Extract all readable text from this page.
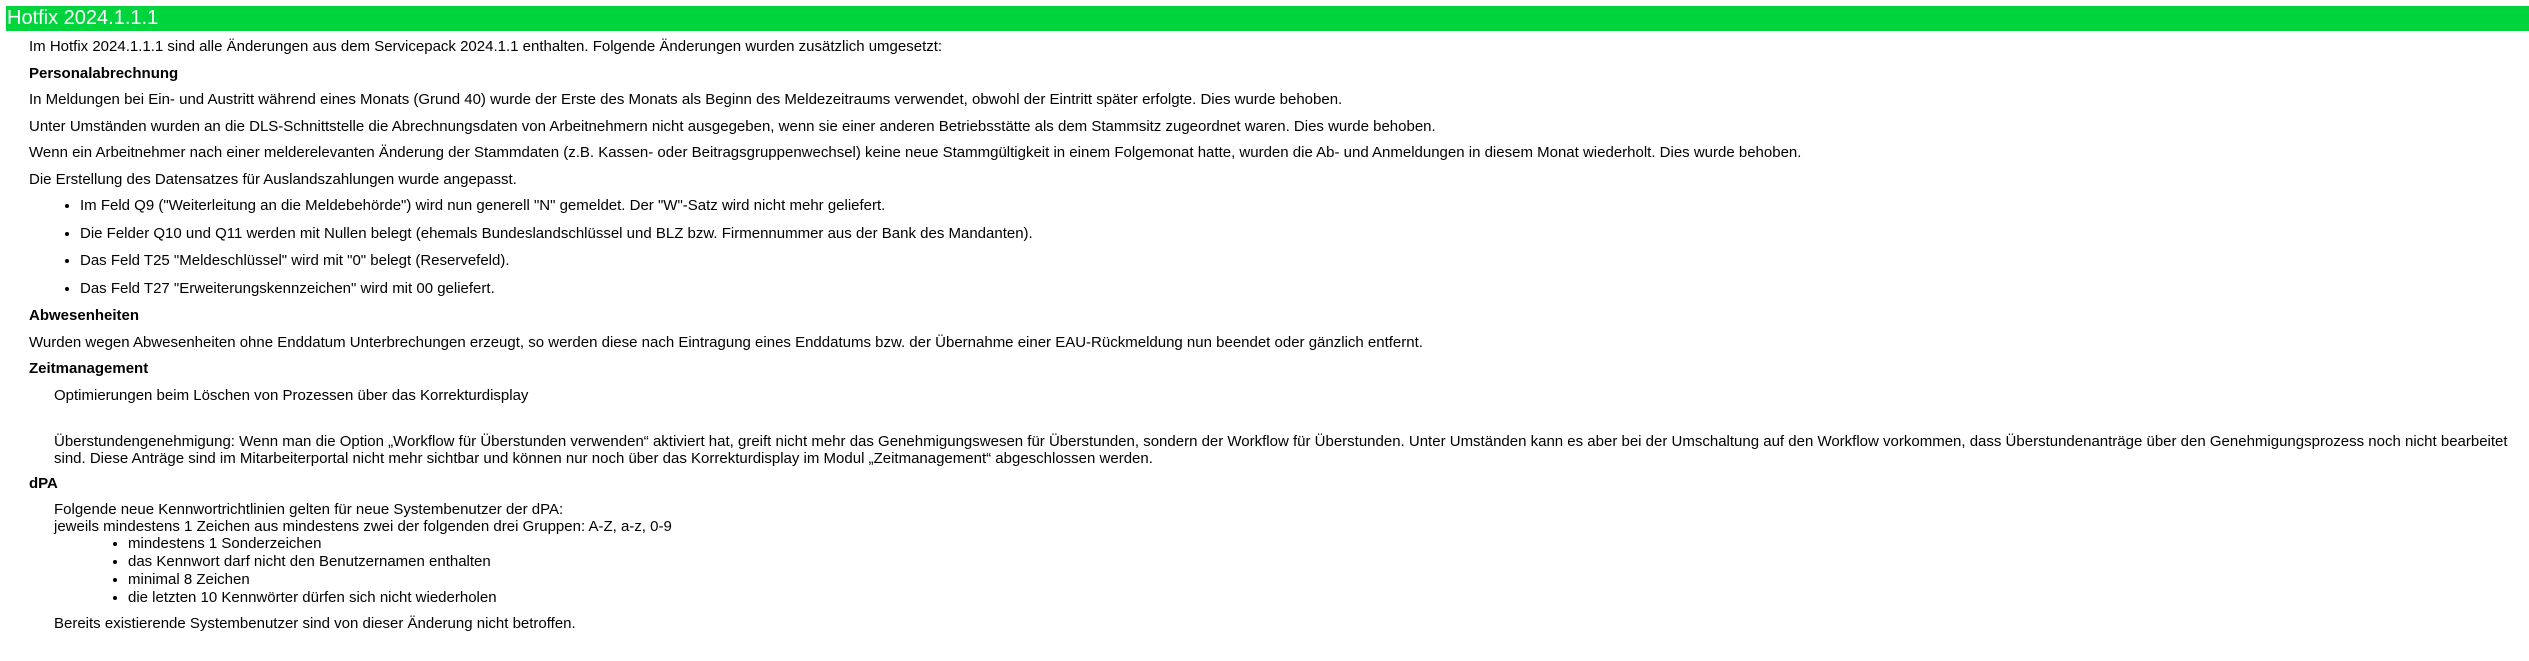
Hotfix 2024.1.1.1
Im Hotfix 2024.1.1.1 sind alle Änderungen aus dem Servicepack 2024.1.1 enthalten. Folgende Änderungen wurden zusätzlich umgesetzt:
Personalabrechnung
In Meldungen bei Ein- und Austritt während eines Monats (Grund 40) wurde der Erste des Monats als Beginn des Meldezeitraums verwendet, obwohl der Eintritt später erfolgte. Dies wurde behoben.
Unter Umständen wurden an die DLS-Schnittstelle die Abrechnungsdaten von Arbeitnehmern nicht ausgegeben, wenn sie einer anderen Betriebsstätte als dem Stammsitz zugeordnet waren. Dies wurde behoben.
Wenn ein Arbeitnehmer nach einer melderelevanten Änderung der Stammdaten (z.B. Kassen- oder Beitragsgruppenwechsel) keine neue Stammgültigkeit in einem Folgemonat hatte, wurden die Ab- und Anmeldungen in diesem Monat wiederholt. Dies wurde behoben.
Die Erstellung des Datensatzes für Auslandszahlungen wurde angepasst.
• Im Feld Q9 ("Weiterleitung an die Meldebehörde") wird nun generell "N" gemeldet. Der "W"-Satz wird nicht mehr geliefert.
• Die Felder Q10 und Q11 werden mit Nullen belegt (ehemals Bundeslandschlüssel und BLZ bzw. Firmennummer aus der Bank des Mandanten).
• Das Feld T25 "Meldeschlüssel" wird mit "0" belegt (Reservefeld).
• Das Feld T27 "Erweiterungskennzeichen" wird mit 00 geliefert.
Abwesenheiten
Wurden wegen Abwesenheiten ohne Enddatum Unterbrechungen erzeugt, so werden diese nach Eintragung eines Enddatums bzw. der Übernahme einer EAU-Rückmeldung nun beendet oder gänzlich entfernt.
Zeitmanagement
Optimierungen beim Löschen von Prozessen über das Korrekturdisplay
Überstundengenehmigung: Wenn man die Option „Workflow für Überstunden verwenden“ aktiviert hat, greift nicht mehr das Genehmigungswesen für Überstunden, sondern der Workflow für Überstunden. Unter Umständen kann es aber bei der Umschaltung auf den Workflow vorkommen, dass Überstundenanträge über den Genehmigungsprozess noch nicht bearbeitet sind. Diese Anträge sind im Mitarbeiterportal nicht mehr sichtbar und können nur noch über das Korrekturdisplay im Modul „Zeitmanagement“ abgeschlossen werden.
dPA
Folgende neue Kennwortrichtlinien gelten für neue Systembenutzer der dPA:
jeweils mindestens 1 Zeichen aus mindestens zwei der folgenden drei Gruppen: A-Z, a-z, 0-9
• mindestens 1 Sonderzeichen
• das Kennwort darf nicht den Benutzernamen enthalten
• minimal 8 Zeichen
• die letzten 10 Kennwörter dürfen sich nicht wiederholen
Bereits existierende Systembenutzer sind von dieser Änderung nicht betroffen.
